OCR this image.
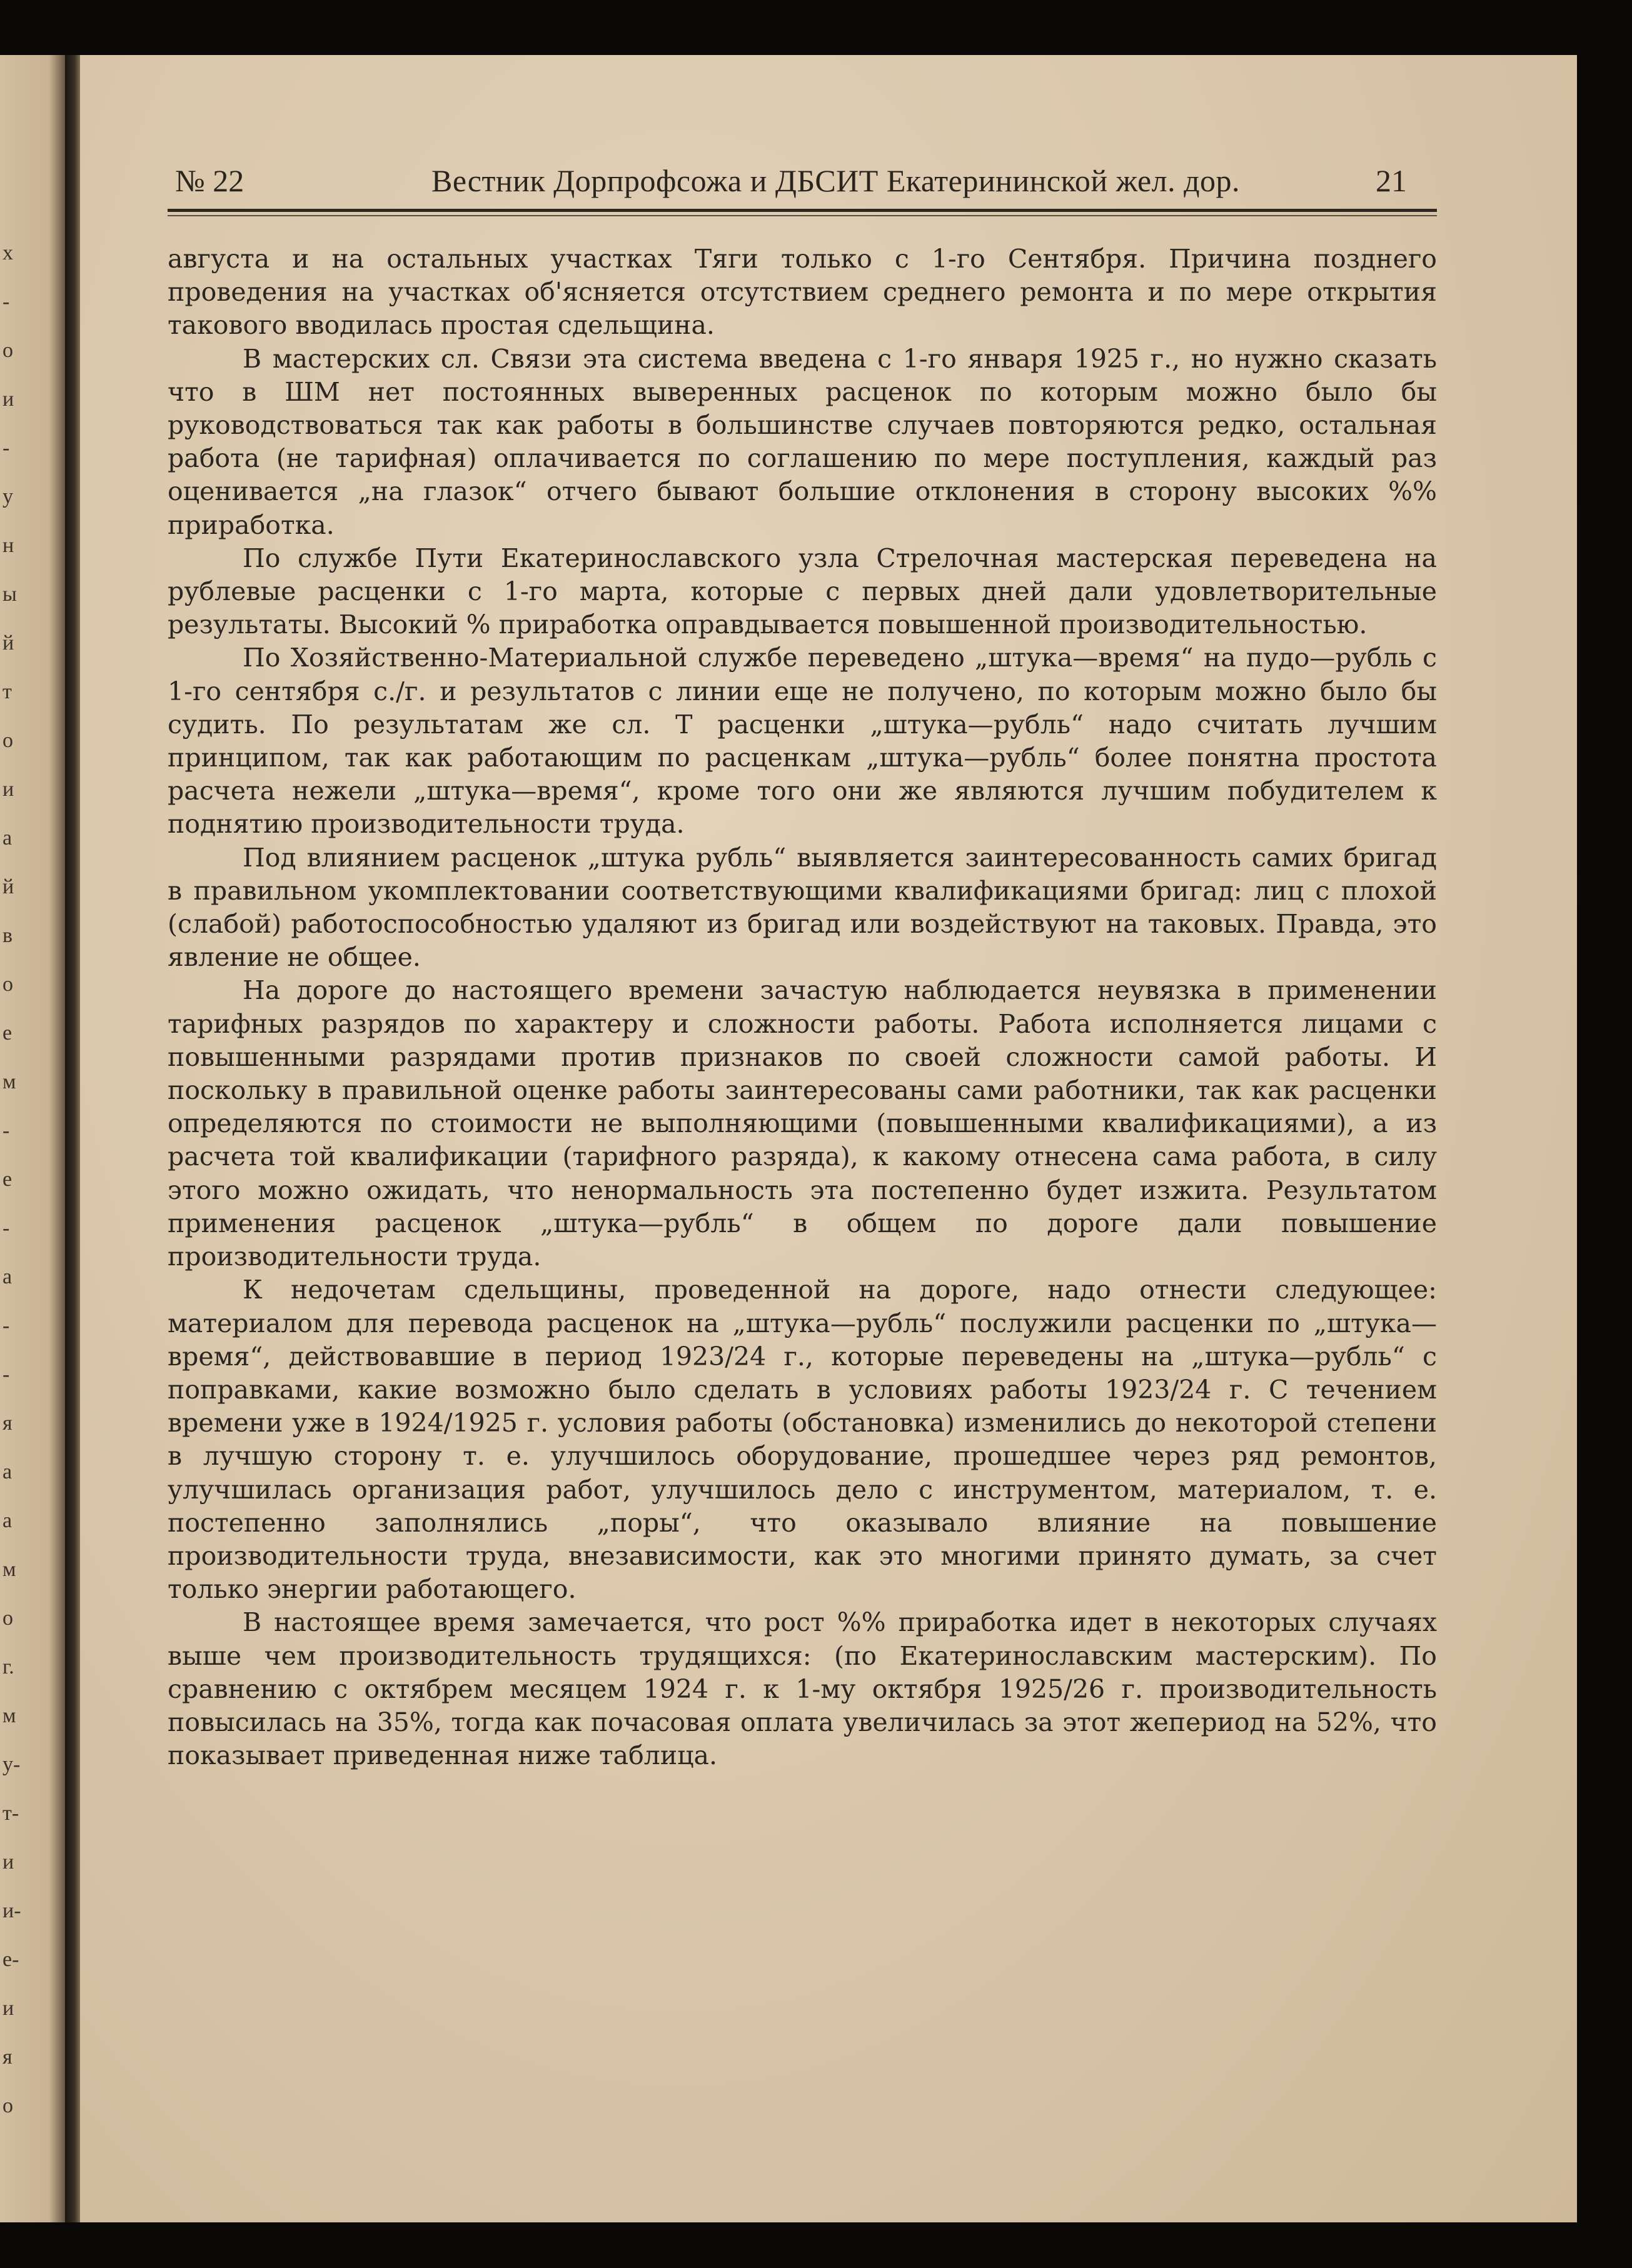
х
-
о
и
-
у
н
ы
й
т
о
и
а
й
в
о
е
м
-
е
-
а
-
-
я
а
а
м
о
г.
м
у-
т-
и
и-
е-
и
я
о
№ 22	Вестник Дорпрофсожа и ДБСИТ Екатерининской жел. дор.	21

августа и на остальных участках Тяги только с 1-го Сентября. Причина позднего проведения на участках об'ясняется отсутствием среднего ремонта и по мере открытия такового вводилась простая сдельщина.

В мастерских сл. Связи эта система введена с 1-го января 1925 г., но нужно сказать что в ШМ нет постоянных выверенных расценок по которым можно было бы руководствоваться так как работы в большинстве случаев повторяются редко, остальная работа (не тарифная) оплачивается по соглашению по мере поступления, каждый раз оценивается „на глазок“ отчего бывают большие отклонения в сторону высоких %% приработка.

По службе Пути Екатеринославского узла Стрелочная мастерская переведена на рублевые расценки с 1-го марта, которые с первых дней дали удовлетворительные результаты. Высокий % приработка оправдывается повышенной производительностью.

По Хозяйственно-Материальной службе переведено „штука—время“ на пудо—рубль с 1-го сентября с./г. и результатов с линии еще не получено, по которым можно было бы судить. По результатам же сл. Т расценки „штука—рубль“ надо считать лучшим принципом, так как работающим по расценкам „штука—рубль“ более понятна простота расчета нежели „штука—время“, кроме того они же являются лучшим побудителем к поднятию производительности труда.

Под влиянием расценок „штука рубль“ выявляется заинтересованность самих бригад в правильном укомплектовании соответствующими квалификациями бригад: лиц с плохой (слабой) работоспособностью удаляют из бригад или воздействуют на таковых. Правда, это явление не общее.

На дороге до настоящего времени зачастую наблюдается неувязка в применении тарифных разрядов по характеру и сложности работы. Работа исполняется лицами с повышенными разрядами против признаков по своей сложности самой работы. И поскольку в правильной оценке работы заинтересованы сами работники, так как расценки определяются по стоимости не выполняющими (повышенными квалификациями), а из расчета той квалификации (тарифного разряда), к какому отнесена сама работа, в силу этого можно ожидать, что ненормальность эта постепенно будет изжита. Результатом применения расценок „штука—рубль“ в общем по дороге дали повышение производительности труда.

К недочетам сдельщины, проведенной на дороге, надо отнести следующее: материалом для перевода расценок на „штука—рубль“ послужили расценки по „штука—время“, действовавшие в период 1923/24 г., которые переведены на „штука—рубль“ с поправками, какие возможно было сделать в условиях работы 1923/24 г. С течением времени уже в 1924/1925 г. условия работы (обстановка) изменились до некоторой степени в лучшую сторону т. е. улучшилось оборудование, прошедшее через ряд ремонтов, улучшилась организация работ, улучшилось дело с инструментом, материалом, т. е. постепенно заполнялись „поры“, что оказывало влияние на повышение производительности труда, внезависимости, как это многими принято думать, за счет только энергии работающего.

В настоящее время замечается, что рост %% приработка идет в некоторых случаях выше чем производительность трудящихся: (по Екатеринославским мастерским). По сравнению с октябрем месяцем 1924 г. к 1-му октября 1925/26 г. производительность повысилась на 35%, тогда как почасовая оплата увеличилась за этот жепериод на 52%, что показывает приведенная ниже таблица.
